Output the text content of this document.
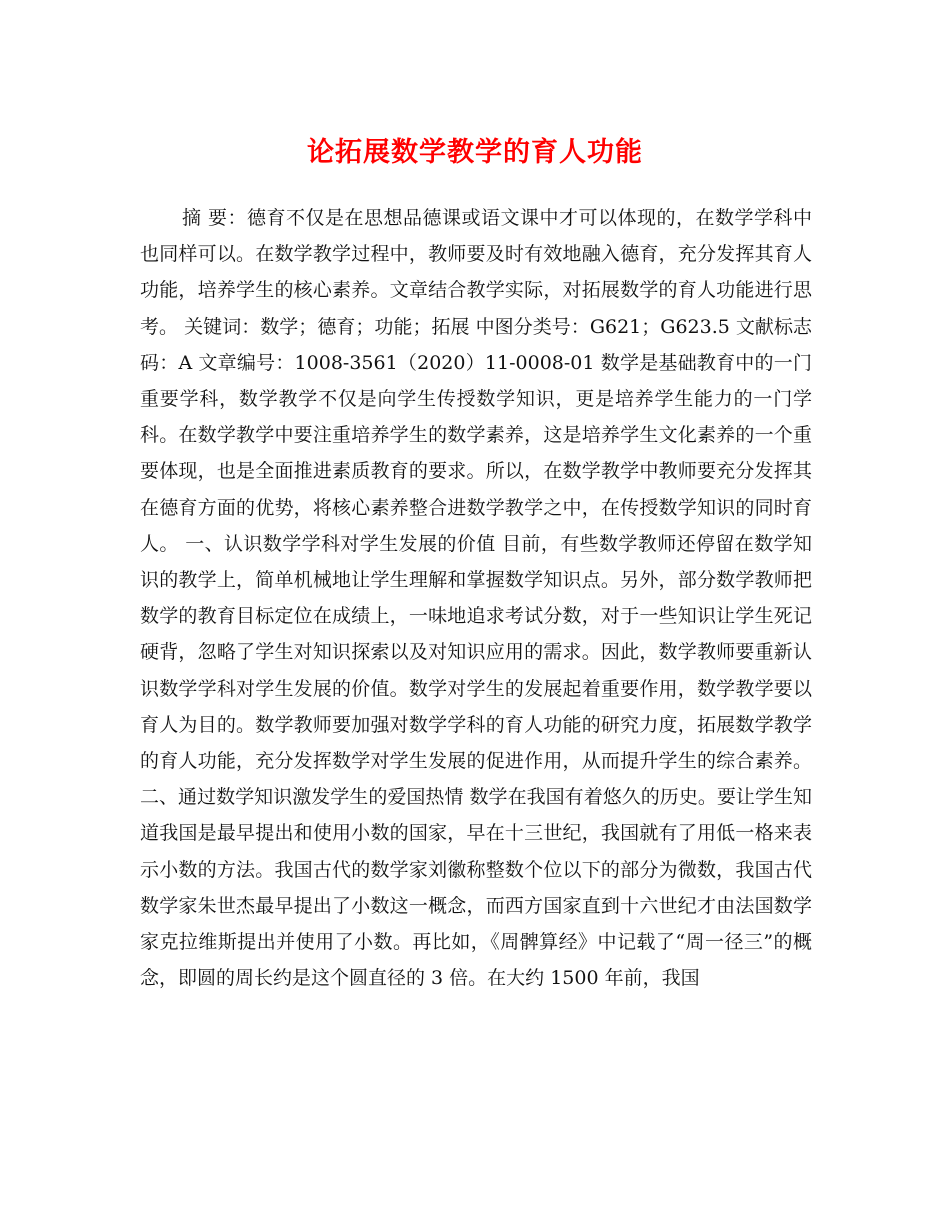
论拓展数学教学的育人功能

摘 要：德育不仅是在思想品德课或语文课中才可以体现的，在数学学科中也同样可以。在数学教学过程中，教师要及时有效地融入德育，充分发挥其育人功能，培养学生的核心素养。文章结合教学实际，对拓展数学的育人功能进行思考。 关键词：数学；德育；功能；拓展 中图分类号：G621；G623.5 文献标志码：A 文章编号：1008-3561（2020）11-0008-01 数学是基础教育中的一门重要学科，数学教学不仅是向学生传授数学知识，更是培养学生能力的一门学科。在数学教学中要注重培养学生的数学素养，这是培养学生文化素养的一个重要体现，也是全面推进素质教育的要求。所以，在数学教学中教师要充分发挥其在德育方面的优势，将核心素养整合进数学教学之中，在传授数学知识的同时育人。 一、认识数学学科对学生发展的价值 目前，有些数学教师还停留在数学知识的教学上，简单机械地让学生理解和掌握数学知识点。另外，部分数学教师把数学的教育目标定位在成绩上，一味地追求考试分数，对于一些知识让学生死记硬背，忽略了学生对知识探索以及对知识应用的需求。因此，数学教师要重新认识数学学科对学生发展的价值。数学对学生的发展起着重要作用，数学教学要以育人为目的。数学教师要加强对数学学科的育人功能的研究力度，拓展数学教学的育人功能，充分发挥数学对学生发展的促进作用，从而提升学生的综合素养。 二、通过数学知识激发学生的爱国热情 数学在我国有着悠久的历史。要让学生知道我国是最早提出和使用小数的国家，早在十三世纪，我国就有了用低一格来表示小数的方法。我国古代的数学家刘徽称整数个位以下的部分为微数，我国古代数学家朱世杰最早提出了小数这一概念，而西方国家直到十六世纪才由法国数学家克拉维斯提出并使用了小数。再比如，《周髀算经》中记载了“周一径三”的概念，即圆的周长约是这个圆直径的 3 倍。在大约 1500 年前，我国
